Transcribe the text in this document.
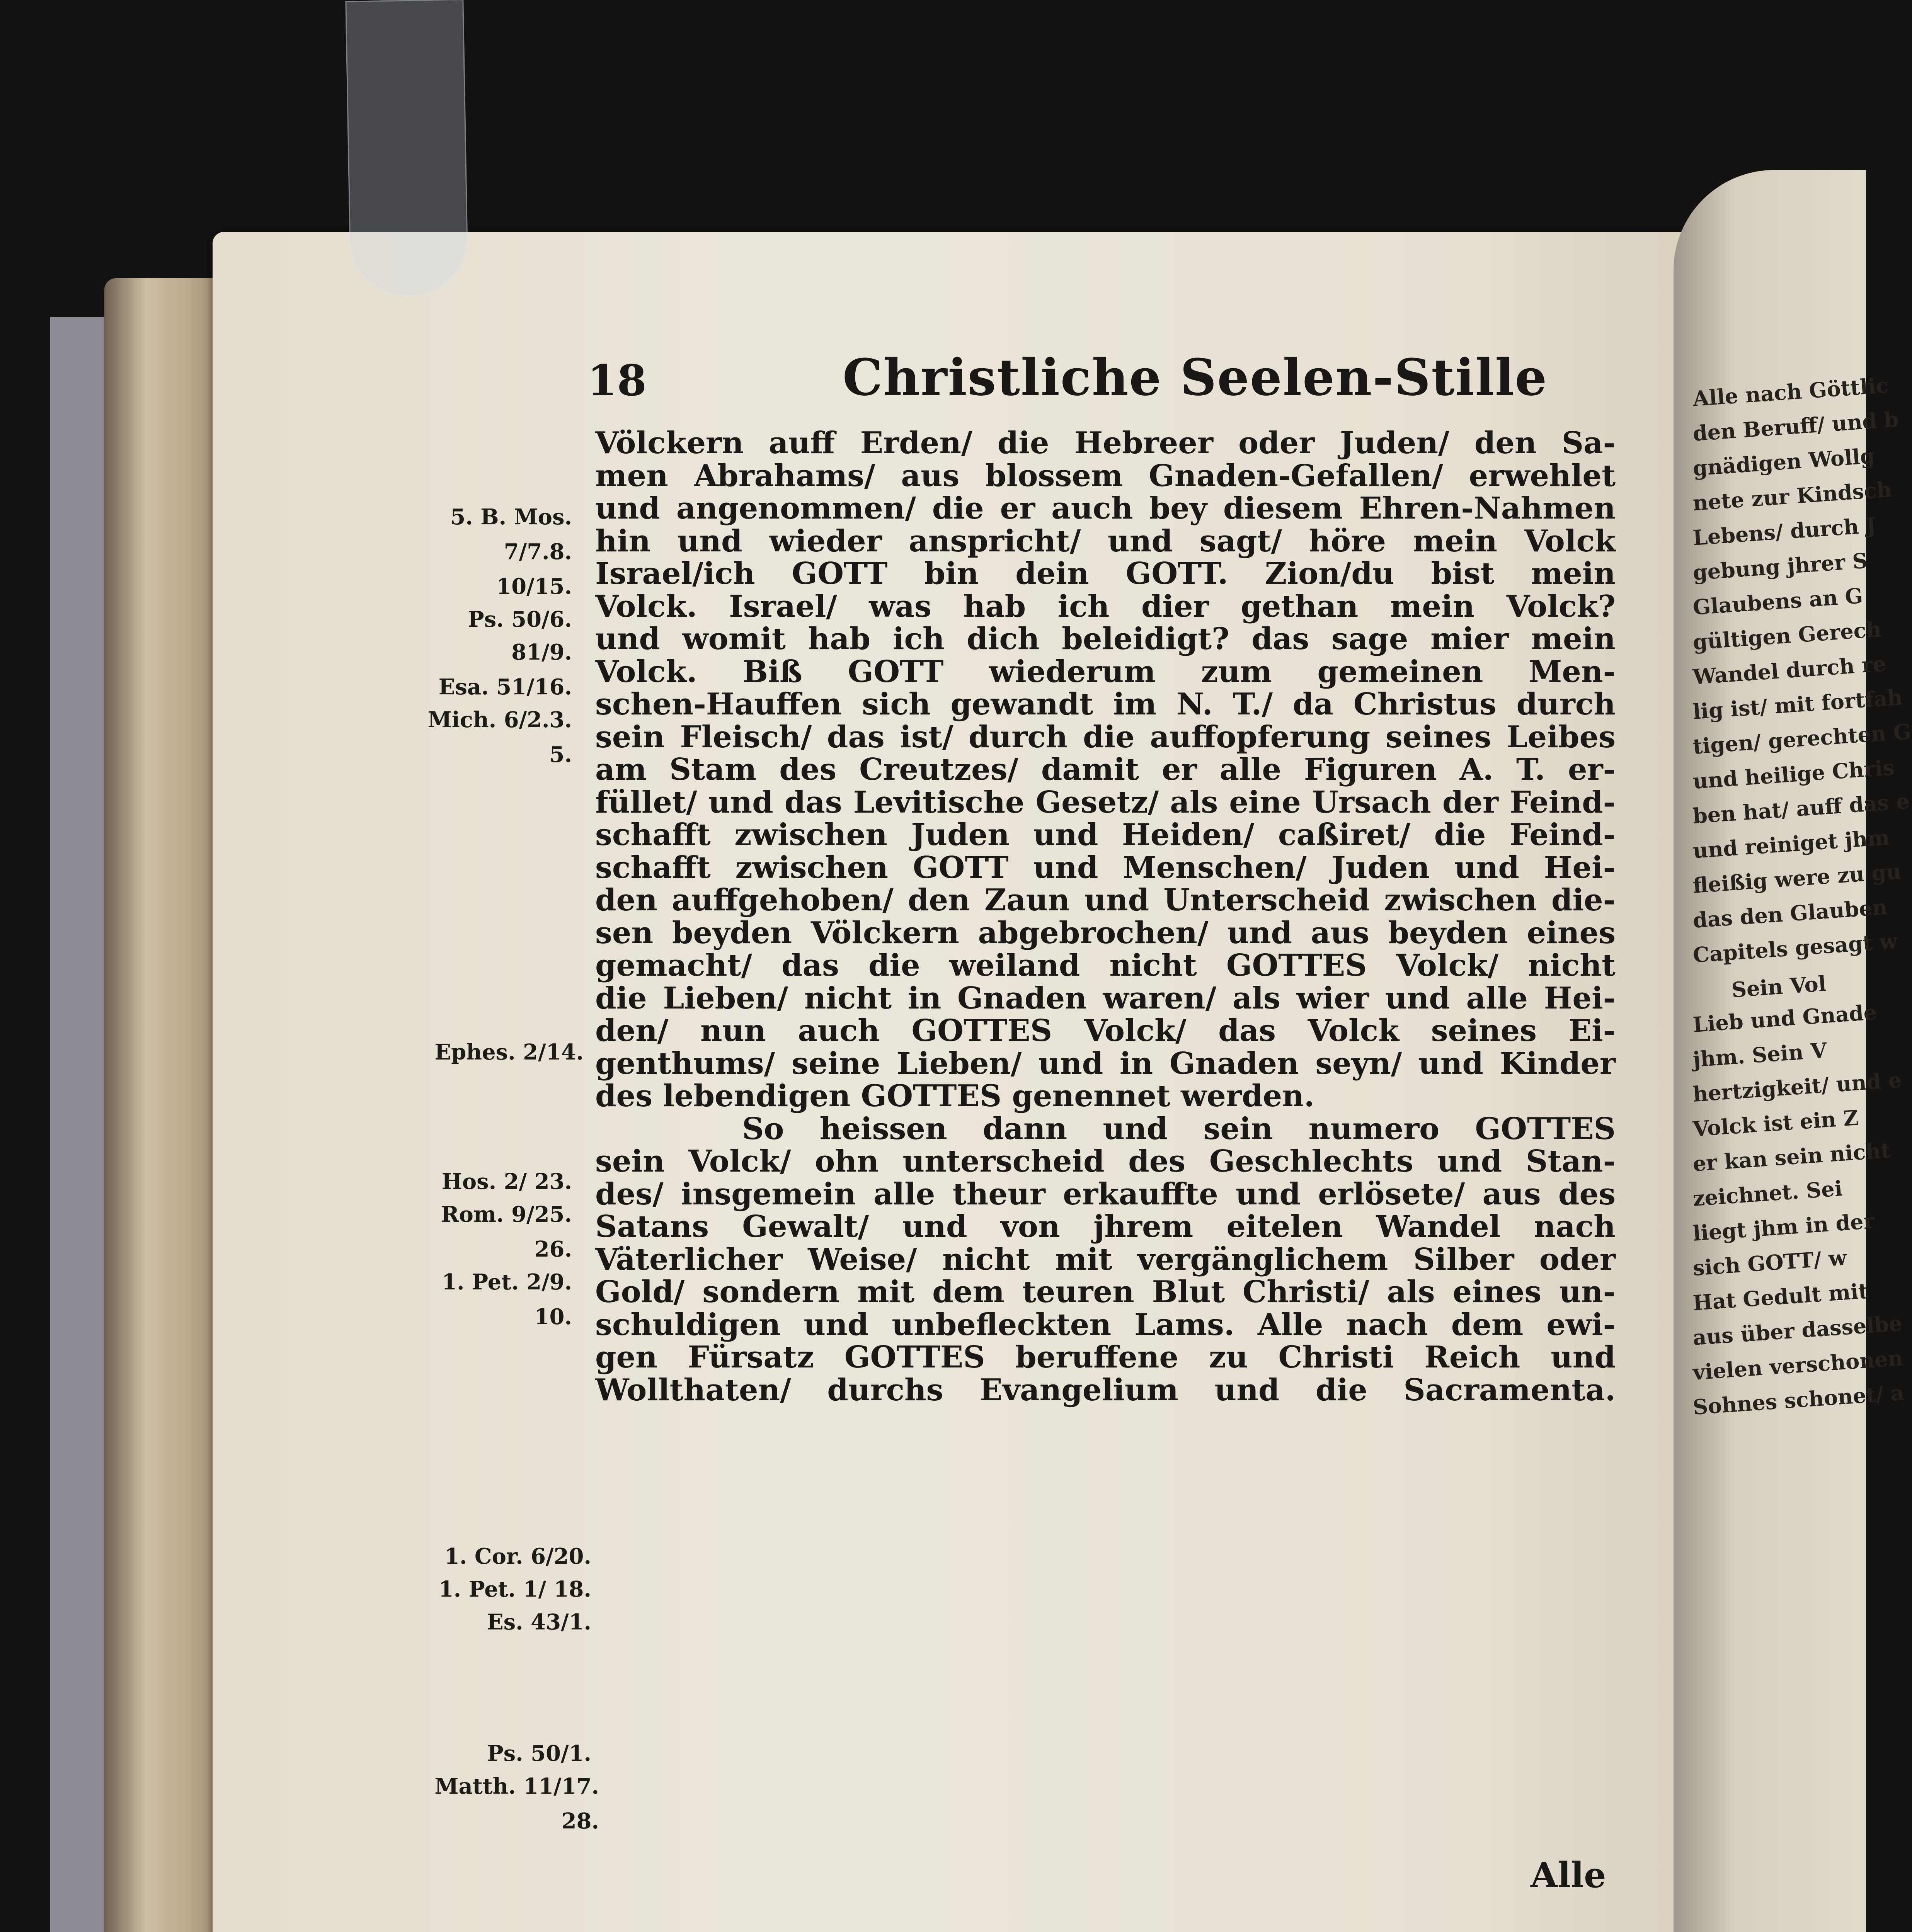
18	Christliche Seelen-Stille
Völckern auff Erden/ die Hebreer oder Juden/ den Sa-
men Abrahams/ aus blossem Gnaden-Gefallen/ erwehlet
und angenommen/ die er auch bey diesem Ehren-Nahmen
hin und wieder anspricht/ und sagt/ höre mein Volck
Israel/ich GOTT bin dein GOTT. Zion/du bist mein
Volck. Israel/ was hab ich dier gethan mein Volck?
und womit hab ich dich beleidigt? das sage mier mein
Volck. Biß GOTT wiederum zum gemeinen Men-
schen-Hauffen sich gewandt im N. T./ da Christus durch
sein Fleisch/ das ist/ durch die auffopferung seines Leibes
am Stam des Creutzes/ damit er alle Figuren A. T. er-
füllet/ und das Levitische Gesetz/ als eine Ursach der Feind-
schafft zwischen Juden und Heiden/ caßiret/ die Feind-
schafft zwischen GOTT und Menschen/ Juden und Hei-
den auffgehoben/ den Zaun und Unterscheid zwischen die-
sen beyden Völckern abgebrochen/ und aus beyden eines
gemacht/ das die weiland nicht GOTTES Volck/ nicht
die Lieben/ nicht in Gnaden waren/ als wier und alle Hei-
den/ nun auch GOTTES Volck/ das Volck seines Ei-
genthums/ seine Lieben/ und in Gnaden seyn/ und Kinder
des lebendigen GOTTES genennet werden.
So heissen dann und sein numero GOTTES
sein Volck/ ohn unterscheid des Geschlechts und Stan-
des/ insgemein alle theur erkauffte und erlösete/ aus des
Satans Gewalt/ und von jhrem eitelen Wandel nach
Väterlicher Weise/ nicht mit vergänglichem Silber oder
Gold/ sondern mit dem teuren Blut Christi/ als eines un-
schuldigen und unbefleckten Lams. Alle nach dem ewi-
gen Fürsatz GOTTES beruffene zu Christi Reich und
Wollthaten/ durchs Evangelium und die Sacramenta.
Alle
5. B. Mos.
7/7.8.
10/15.
Ps. 50/6.
81/9.
Esa. 51/16.
Mich. 6/2.3.
5.
Ephes. 2/14.
Hos. 2/ 23.
Rom. 9/25.
26.
1. Pet. 2/9.
10.
1. Cor. 6/20.
1. Pet. 1/ 18.
Es. 43/1.
Ps. 50/1.
Matth. 11/17.
28.
Alle nach Göttlic
den Beruff/ und b
gnädigen Wollg
nete zur Kindsch
Lebens/ durch J
gebung jhrer S
Glaubens an G
gültigen Gerech
Wandel durch re
lig ist/ mit fortfah
tigen/ gerechten G
und heilige Chris
ben hat/ auff das e
und reiniget jhm
fleißig were zu gu
das den Glauben
Capitels gesagt w
Sein Vol
Lieb und Gnade
jhm. Sein V
hertzigkeit/ und e
Volck ist ein Z
er kan sein nicht
zeichnet. Sei
liegt jhm in der
sich GOTT/ w
Hat Gedult mit
aus über dasselbe
vielen verschonen
Sohnes schonet/ a
